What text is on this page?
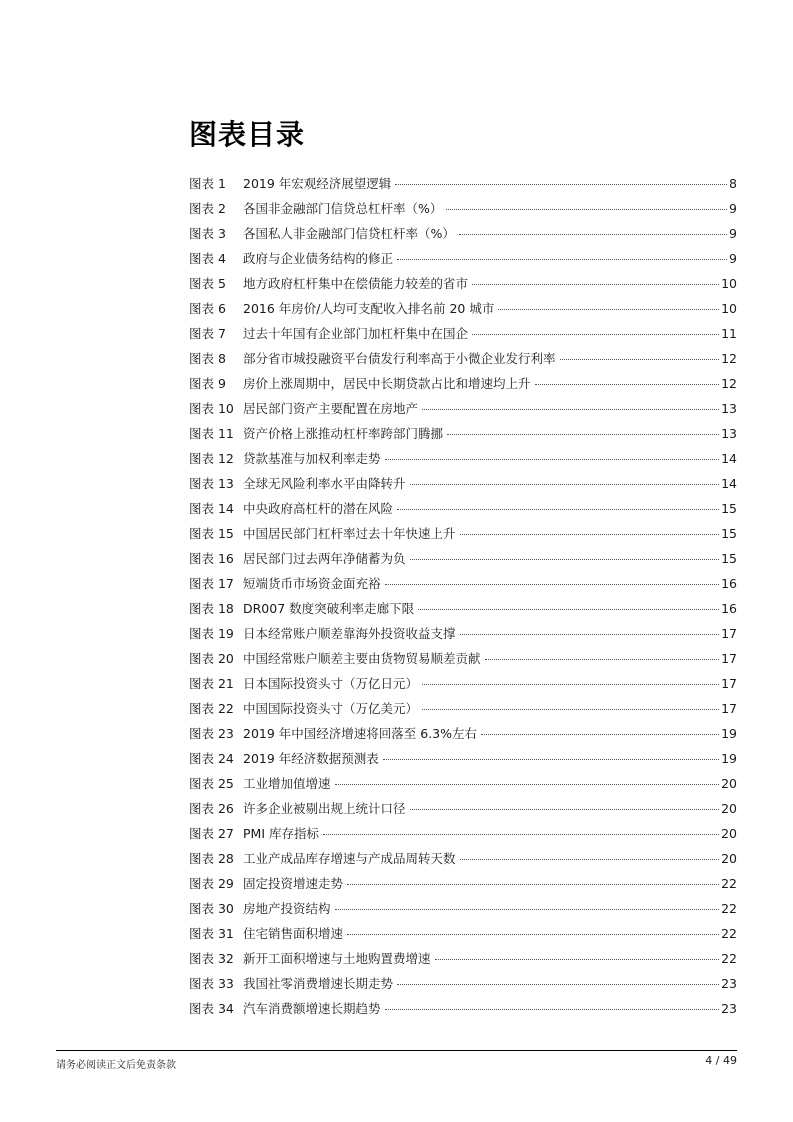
图表目录
图表 1	2019 年宏观经济展望逻辑	8
图表 2	各国非金融部门信贷总杠杆率（%）	9
图表 3	各国私人非金融部门信贷杠杆率（%）	9
图表 4	政府与企业债务结构的修正	9
图表 5	地方政府杠杆集中在偿债能力较差的省市	10
图表 6	2016 年房价/人均可支配收入排名前 20 城市	10
图表 7	过去十年国有企业部门加杠杆集中在国企	11
图表 8	部分省市城投融资平台债发行利率高于小微企业发行利率	12
图表 9	房价上涨周期中，居民中长期贷款占比和增速均上升	12
图表 10 居民部门资产主要配置在房地产	13
图表 11 资产价格上涨推动杠杆率跨部门腾挪	13
图表 12 贷款基准与加权利率走势	14
图表 13 全球无风险利率水平由降转升	14
图表 14 中央政府高杠杆的潜在风险	15
图表 15 中国居民部门杠杆率过去十年快速上升	15
图表 16 居民部门过去两年净储蓄为负	15
图表 17 短端货币市场资金面充裕	16
图表 18 DR007 数度突破利率走廊下限	16
图表 19 日本经常账户顺差靠海外投资收益支撑	17
图表 20 中国经常账户顺差主要由货物贸易顺差贡献	17
图表 21 日本国际投资头寸（万亿日元）	17
图表 22 中国国际投资头寸（万亿美元）	17
图表 23 2019 年中国经济增速将回落至 6.3%左右	19
图表 24 2019 年经济数据预测表	19
图表 25 工业增加值增速	20
图表 26 许多企业被剔出规上统计口径	20
图表 27 PMI 库存指标	20
图表 28 工业产成品库存增速与产成品周转天数	20
图表 29 固定投资增速走势	22
图表 30 房地产投资结构	22
图表 31 住宅销售面积增速	22
图表 32 新开工面积增速与土地购置费增速	22
图表 33 我国社零消费增速长期走势	23
图表 34 汽车消费额增速长期趋势	23
请务必阅读正文后免责条款	4 / 49
